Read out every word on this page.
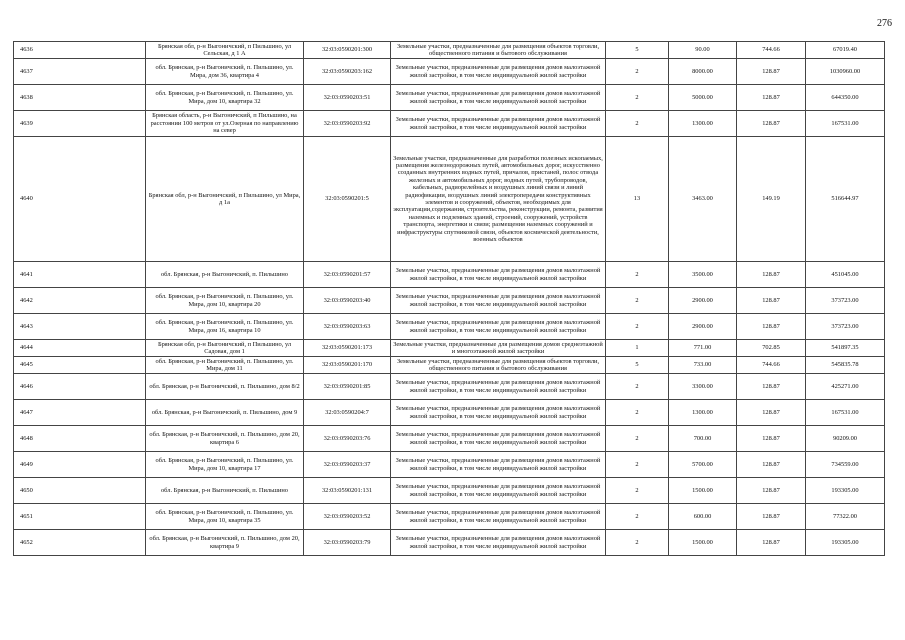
276
4636	Брянская обл, р-н Выгоничский, п Пильшино, ул Сельская, д 1 А	32:03:0590201:300	Земельные участки, предназначенные для размещения объектов торговли, общественного питания и бытового обслуживания	5	90.00	744.66	67019.40

4637	обл. Брянская, р-н Выгоничский, п. Пильшино, ул. Мира, дом 36, квартира 4	32:03:0590203:162	Земельные участки, предназначенные для размещения домов малоэтажной жилой застройки, в том числе индивидуальной жилой застройки	2	8000.00	128.87	1030960.00

4638	обл. Брянская, р-н Выгоничский, п. Пильшино, ул. Мира, дом 10, квартира 32	32:03:0590203:51	Земельные участки, предназначенные для размещения домов малоэтажной жилой застройки, в том числе индивидуальной жилой застройки	2	5000.00	128.87	644350.00

4639	Брянская область, р-н Выгоничский, п Пильшино, на расстоянии 100 метров от ул.Озерная по направлению на север	32:03:0590203:92	Земельные участки, предназначенные для размещения домов малоэтажной жилой застройки, в том числе индивидуальной жилой застройки	2	1300.00	128.87	167531.00

4640	Брянская обл, р-н Выгоничский, п Пильшино, ул Мира, д 1а	32:03:0590201:5	Земельные участки, предназначенные для разработки полезных ископаемых, размещения железнодорожных путей, автомобильных дорог, искусственно созданных внутренних водных путей, причалов, пристаней, полос отвода железных и автомобильных дорог, водных путей, трубопроводов, кабельных, радиорелейных и воздушных линий связи и линий радиофикации, воздушных линий электропередачи конструктивных элементов и сооружений, объектов, необходимых для эксплуатации,содержания, строительства, реконструкции, ремонта, развития наземных и подземных зданий, строений, сооружений, устройств транспорта, энергетики и связи; размещения наземных сооружений и инфраструктуры спутниковой связи, объектов космической деятельности, военных объектов	13	3463.00	149.19	516644.97

4641	обл. Брянская, р-н Выгоничский, п. Пильшино	32:03:0590201:57	Земельные участки, предназначенные для размещения домов малоэтажной жилой застройки, в том числе индивидуальной жилой застройки	2	3500.00	128.87	451045.00

4642	обл. Брянская, р-н Выгоничский, п. Пильшино, ул. Мира, дом 10, квартира 20	32:03:0590203:40	Земельные участки, предназначенные для размещения домов малоэтажной жилой застройки, в том числе индивидуальной жилой застройки	2	2900.00	128.87	373723.00

4643	обл. Брянская, р-н Выгоничский, п. Пильшино, ул. Мира, дом 16, квартира 10	32:03:0590203:63	Земельные участки, предназначенные для размещения домов малоэтажной жилой застройки, в том числе индивидуальной жилой застройки	2	2900.00	128.87	373723.00

4644	Брянская обл, р-н Выгоничский, п Пильшино, ул Садовая, дом 1	32:03:0590201:173	Земельные участки, предназначенные для размещения домов среднеэтажной и многоэтажной жилой застройки	1	771.00	702.85	541897.35

4645	обл. Брянская, р-н Выгоничский, п. Пильшино, ул. Мира, дом 11	32:03:0590201:170	Земельные участки, предназначенные для размещения объектов торговли, общественного питания и бытового обслуживания	5	733.00	744.66	545835.78

4646	обл. Брянская, р-н Выгоничский, п. Пильшино, дом 8/2	32:03:0590201:85	Земельные участки, предназначенные для размещения домов малоэтажной жилой застройки, в том числе индивидуальной жилой застройки	2	3300.00	128.87	425271.00

4647	обл. Брянская, р-н Выгоничский, п. Пильшино, дом 9	32:03:0590204:7	Земельные участки, предназначенные для размещения домов малоэтажной жилой застройки, в том числе индивидуальной жилой застройки	2	1300.00	128.87	167531.00

4648	обл. Брянская, р-н Выгоничский, п. Пильшино, дом 20, квартира 6	32:03:0590203:76	Земельные участки, предназначенные для размещения домов малоэтажной жилой застройки, в том числе индивидуальной жилой застройки	2	700.00	128.87	90209.00

4649	обл. Брянская, р-н Выгоничский, п. Пильшино, ул. Мира, дом 10, квартира 17	32:03:0590203:37	Земельные участки, предназначенные для размещения домов малоэтажной жилой застройки, в том числе индивидуальной жилой застройки	2	5700.00	128.87	734559.00

4650	обл. Брянская, р-н Выгоничский, п. Пильшино	32:03:0590201:131	Земельные участки, предназначенные для размещения домов малоэтажной жилой застройки, в том числе индивидуальной жилой застройки	2	1500.00	128.87	193305.00

4651	обл. Брянская, р-н Выгоничский, п. Пильшино, ул. Мира, дом 10, квартира 35	32:03:0590203:52	Земельные участки, предназначенные для размещения домов малоэтажной жилой застройки, в том числе индивидуальной жилой застройки	2	600.00	128.87	77322.00

4652	обл. Брянская, р-н Выгоничский, п. Пильшино, дом 20, квартира 9	32:03:0590203:79	Земельные участки, предназначенные для размещения домов малоэтажной жилой застройки, в том числе индивидуальной жилой застройки	2	1500.00	128.87	193305.00
